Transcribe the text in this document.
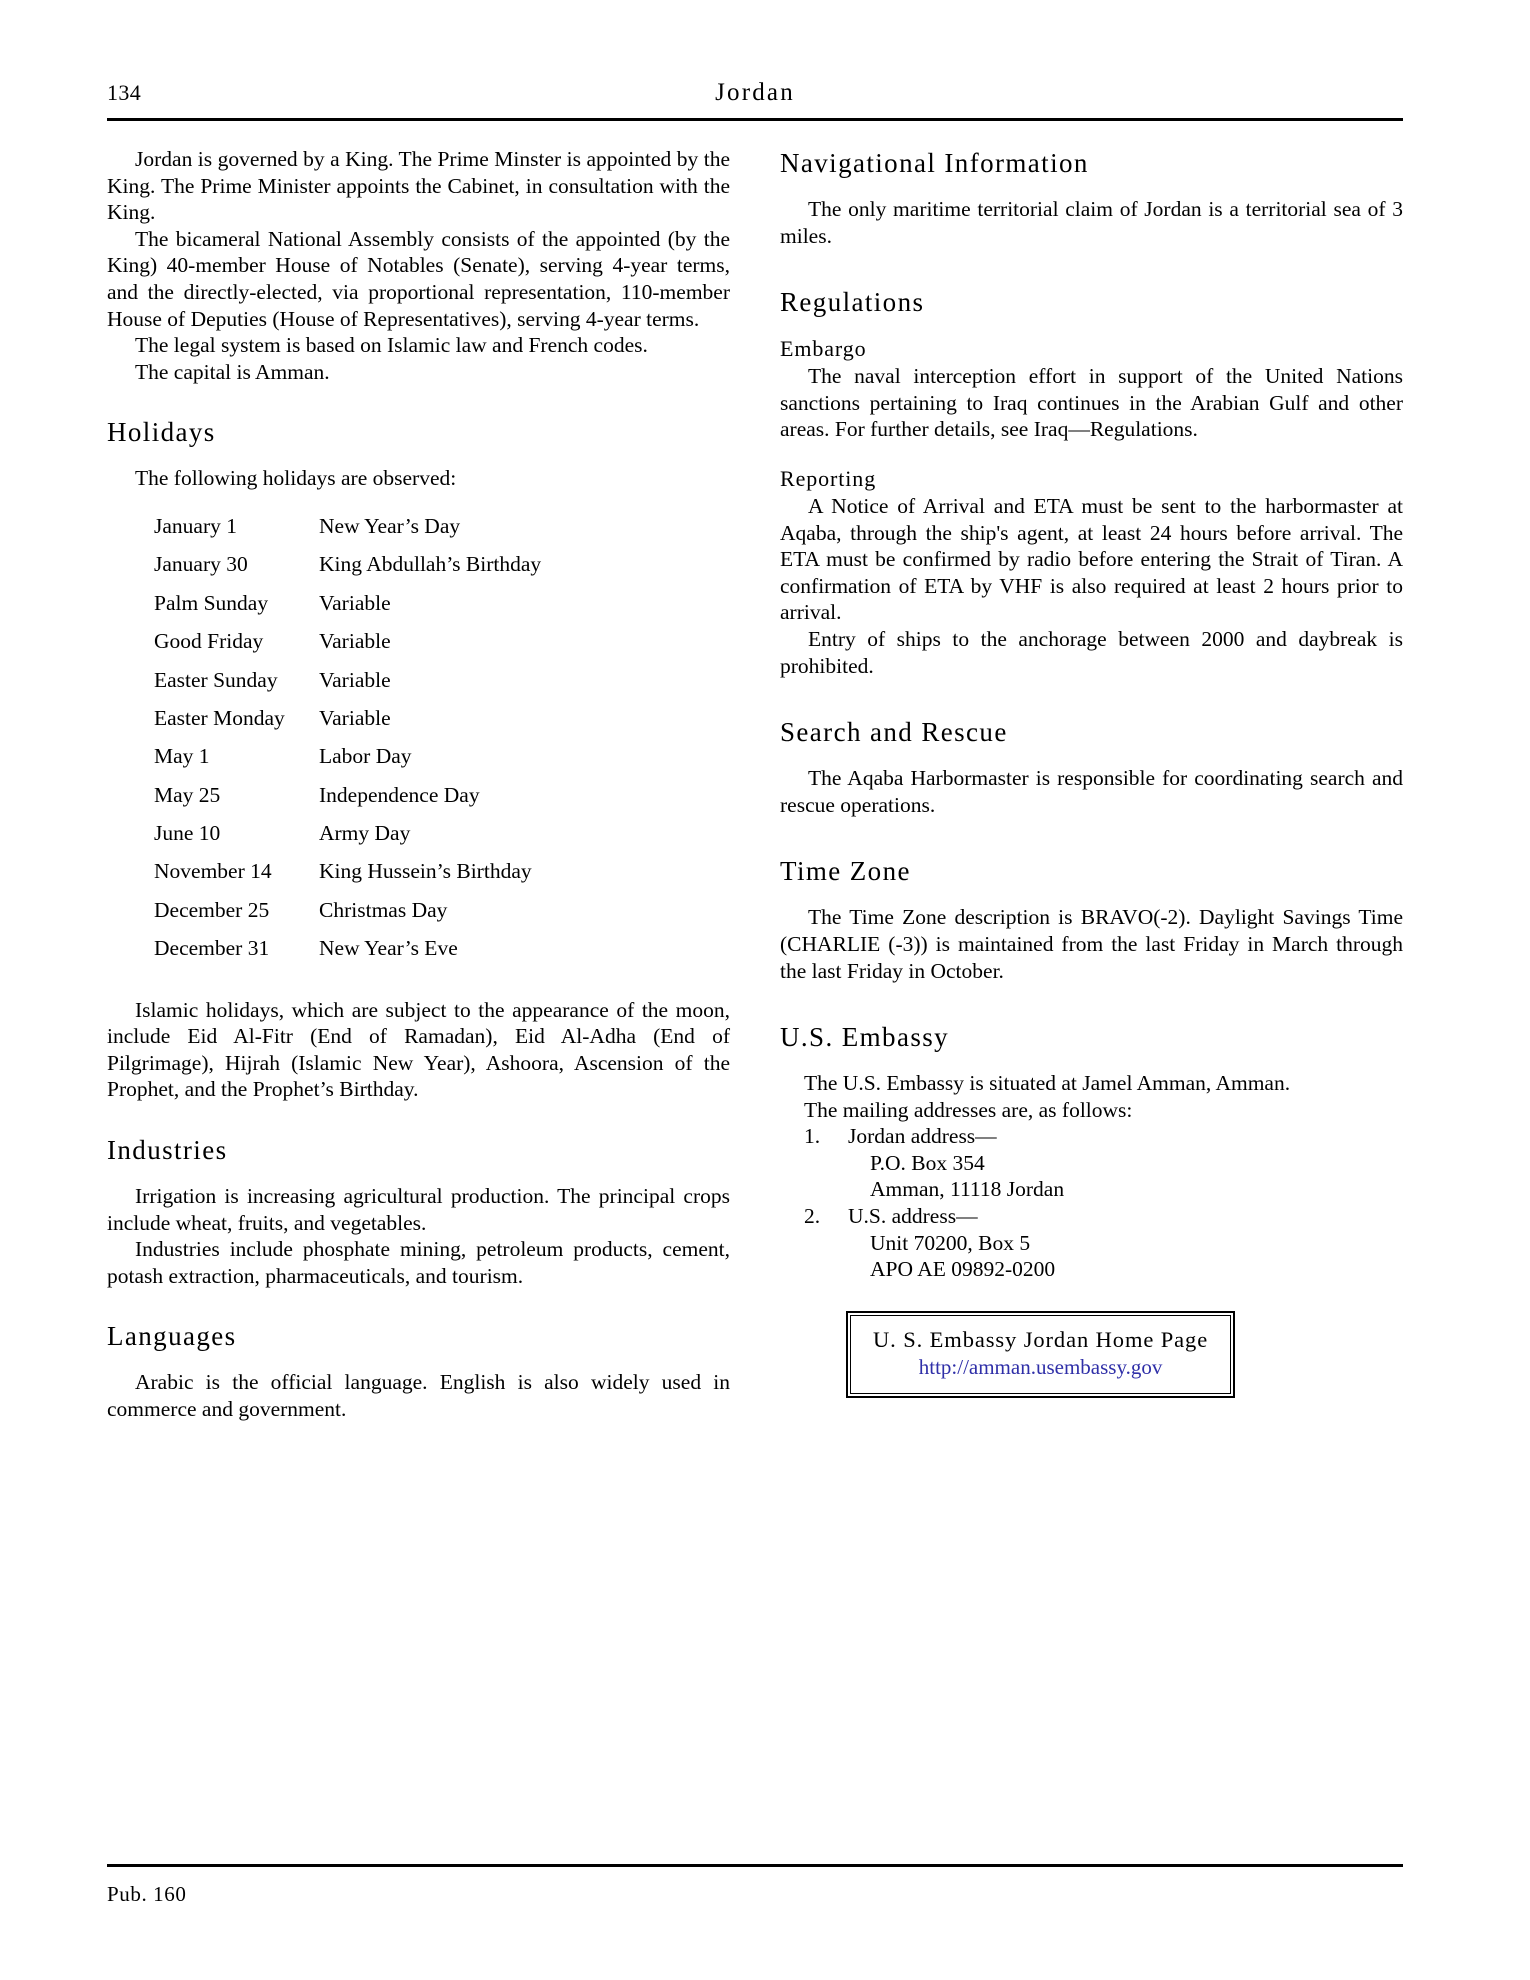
134	Jordan

Jordan is governed by a King. The Prime Minster is appointed by the King. The Prime Minister appoints the Cabinet, in consultation with the King.

The bicameral National Assembly consists of the appointed (by the King) 40-member House of Notables (Senate), serving 4-year terms, and the directly-elected, via proportional representation, 110-member House of Deputies (House of Representatives), serving 4-year terms.

The legal system is based on Islamic law and French codes.

The capital is Amman.

Holidays

The following holidays are observed:

January 1	New Year’s Day
January 30	King Abdullah’s Birthday
Palm Sunday	Variable
Good Friday	Variable
Easter Sunday	Variable
Easter Monday	Variable
May 1	Labor Day
May 25	Independence Day
June 10	Army Day
November 14	King Hussein’s Birthday
December 25	Christmas Day
December 31	New Year’s Eve

Islamic holidays, which are subject to the appearance of the moon, include Eid Al-Fitr (End of Ramadan), Eid Al-Adha (End of Pilgrimage), Hijrah (Islamic New Year), Ashoora, Ascension of the Prophet, and the Prophet’s Birthday.

Industries

Irrigation is increasing agricultural production. The principal crops include wheat, fruits, and vegetables.

Industries include phosphate mining, petroleum products, cement, potash extraction, pharmaceuticals, and tourism.

Languages

Arabic is the official language. English is also widely used in commerce and government.

Navigational Information

The only maritime territorial claim of Jordan is a territorial sea of 3 miles.

Regulations
Embargo

The naval interception effort in support of the United Nations sanctions pertaining to Iraq continues in the Arabian Gulf and other areas. For further details, see Iraq—Regulations.

Reporting

A Notice of Arrival and ETA must be sent to the harbormaster at Aqaba, through the ship's agent, at least 24 hours before arrival. The ETA must be confirmed by radio before entering the Strait of Tiran. A confirmation of ETA by VHF is also required at least 2 hours prior to arrival.

Entry of ships to the anchorage between 2000 and daybreak is prohibited.

Search and Rescue

The Aqaba Harbormaster is responsible for coordinating search and rescue operations.

Time Zone

The Time Zone description is BRAVO(-2). Daylight Savings Time (CHARLIE (-3)) is maintained from the last Friday in March through the last Friday in October.

U.S. Embassy

The U.S. Embassy is situated at Jamel Amman, Amman.

The mailing addresses are, as follows:

1. Jordan address—
P.O. Box 354
Amman, 11118 Jordan
2. U.S. address—
Unit 70200, Box 5
APO AE 09892-0200
U. S. Embassy Jordan Home Page
http://amman.usembassy.gov
Pub. 160
